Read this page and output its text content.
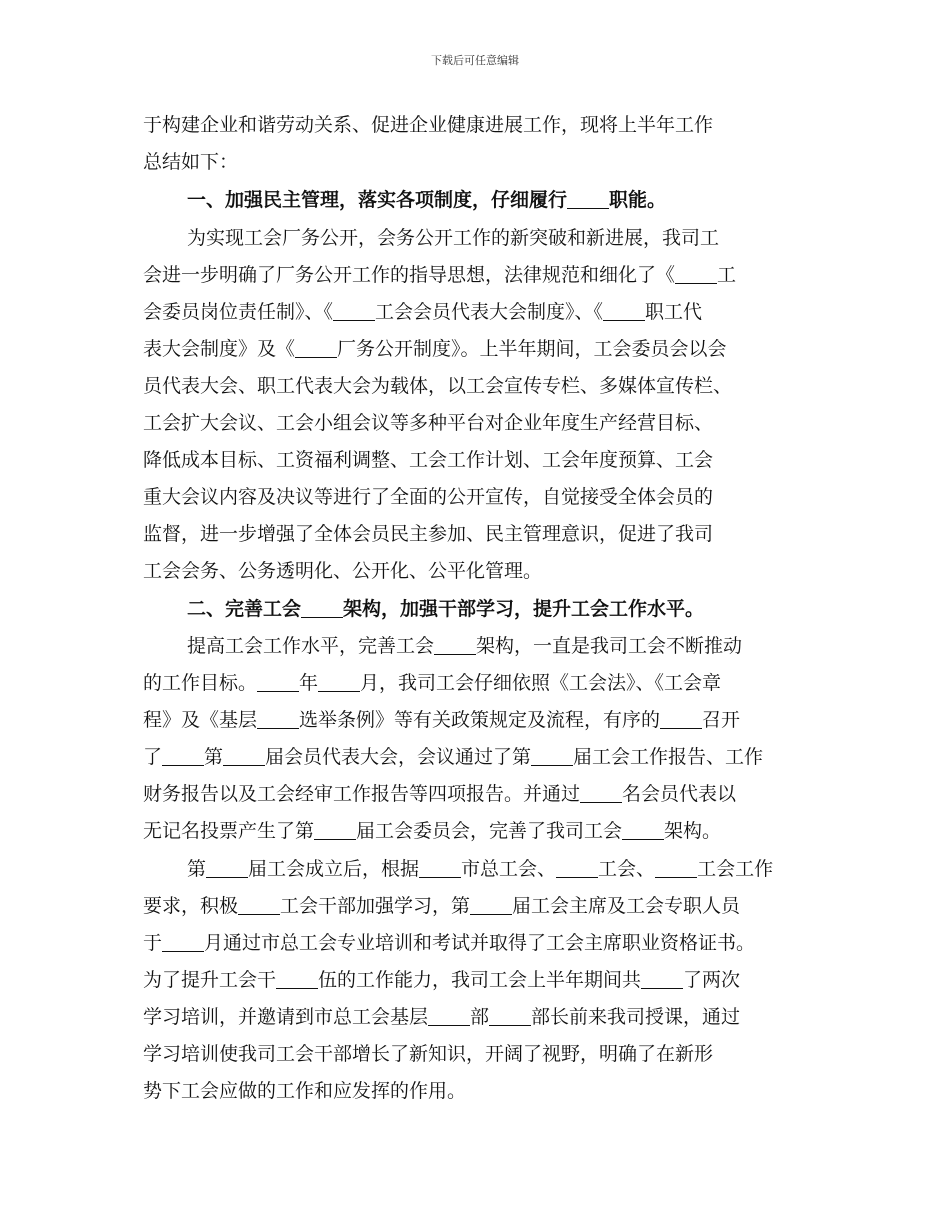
下载后可任意编辑
于构建企业和谐劳动关系、促进企业健康进展工作，现将上半年工作
总结如下：
一、加强民主管理，落实各项制度，仔细履行 职能。
为实现工会厂务公开，会务公开工作的新突破和新进展，我司工
会进一步明确了厂务公开工作的指导思想，法律规范和细化了《 工
会委员岗位责任制》、《 工会会员代表大会制度》、《 职工代
表大会制度》及《 厂务公开制度》。上半年期间，工会委员会以会
员代表大会、职工代表大会为载体，以工会宣传专栏、多媒体宣传栏、
工会扩大会议、工会小组会议等多种平台对企业年度生产经营目标、
降低成本目标、工资福利调整、工会工作计划、工会年度预算、工会
重大会议内容及决议等进行了全面的公开宣传，自觉接受全体会员的
监督，进一步增强了全体会员民主参加、民主管理意识，促进了我司
工会会务、公务透明化、公开化、公平化管理。
二、完善工会 架构，加强干部学习，提升工会工作水平。
提高工会工作水平，完善工会 架构，一直是我司工会不断推动
的工作目标。 年 月，我司工会仔细依照《工会法》、《工会章
程》及《基层 选举条例》等有关政策规定及流程，有序的 召开
了 第 届会员代表大会，会议通过了第 届工会工作报告、工作
财务报告以及工会经审工作报告等四项报告。并通过 名会员代表以
无记名投票产生了第 届工会委员会，完善了我司工会 架构。
第 届工会成立后，根据 市总工会、 工会、 工会工作
要求，积极 工会干部加强学习，第 届工会主席及工会专职人员
于 月通过市总工会专业培训和考试并取得了工会主席职业资格证书。
为了提升工会干 伍的工作能力，我司工会上半年期间共 了两次
学习培训，并邀请到市总工会基层 部 部长前来我司授课，通过
学习培训使我司工会干部增长了新知识，开阔了视野，明确了在新形
势下工会应做的工作和应发挥的作用。
